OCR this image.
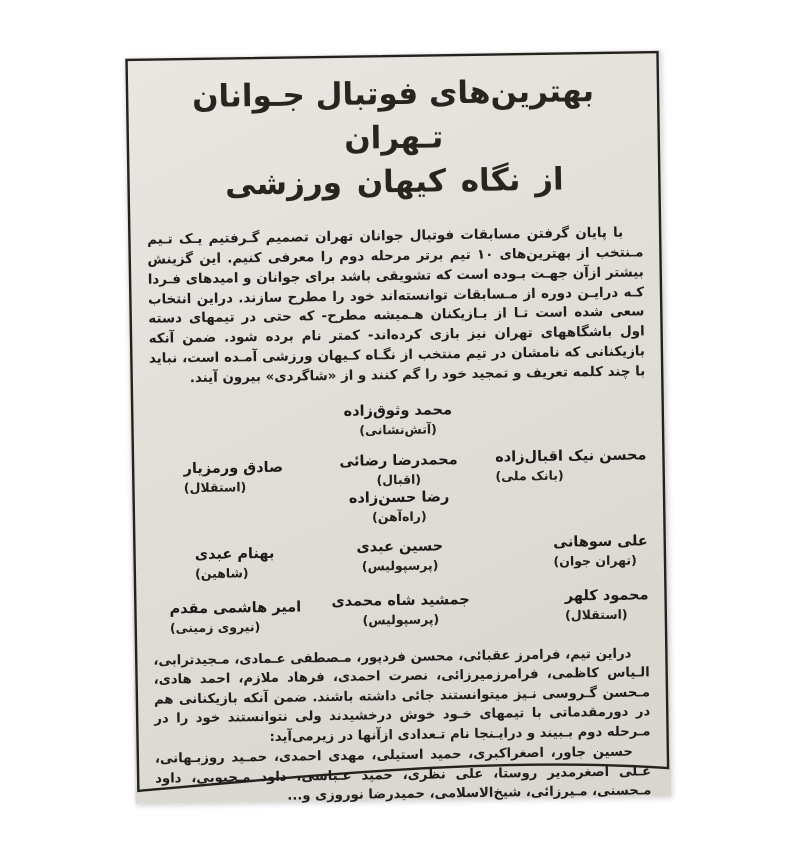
بهترین‌های فوتبال جـوانان تـهران
از نگاه کیهان ورزشی
با پایان گرفتن مسابقات فوتبال جوانان تهران تصمیم گـرفتیم یـک تـیم مـنتخب از بهترین‌های ۱۰ تیم برتر مرحله دوم را معرفی کنیم. این گزینش بیشتر ازآن جهـت بـوده است که تشویقی باشد برای جوانان و امیدهای فـردا کـه درایـن دوره از مـسابقات توانسته‌اند خود را مطرح سازند. دراین انتخاب سعی شده است تـا از بـازیکنان هـمیشه مطرح- که حتی در تیمهای دسته اول باشگاههای تهران نیز بازی کرده‌اند- کمتر نام برده شود. ضمن آنکه بازیکنانی که نامشان در تیم منتخب از نگـاه کـیهان ورزشی آمـده است، نباید با چند کلمه تعریف و تمجید خود را گم کنند و از «شاگردی» بیرون آیند.
محمد وثوق‌زاده
(آتش‌نشانی)
محسن نیک اقبال‌زاده
(بانک ملی)
محمدرضا رضائی
(اقبال)

رضا حسن‌زاده
(راه‌آهن)
صادق ورمزیار
(استقلال)
علی سوهانی
(تهران جوان)
حسین عبدی
(پرسپولیس)
بهنام عبدی
(شاهین)
محمود کلهر
(استقلال)
جمشید شاه محمدی
(پرسپولیس)
امیر هاشمی مقدم
(نیروی زمینی)
دراین تیم، فرامرز عقبائی، محسن فردپور، مـصطفی عـمادی، مـجیدترابی، الـیاس کاظمی، فرامرزمیرزائی، نصرت احمدی، فرهاد ملازم، احمد هادی، مـحسن گـروسی نـیز میتوانستند جائی داشته باشند. ضمن آنکه بازیکنانی هم در دورمقدماتی با تیمهای خـود خوش درخشیدند ولی نتوانستند خود را در مـرحله دوم بـبیند و درایـنجا نام تـعدادی ازآنها در زیرمی‌آید:
حسین جاور، اصغراکبری، حمید استیلی، مهدی احمدی، حمـید روزبـهانی، عـلی اصغرمدیر روستا، علی نظری، حمید عـباسی، داود مـحبوبی، داود مـحسنی، مـیرزائی، شیخ‌الاسلامی، حمیدرضا نوروزی و...
